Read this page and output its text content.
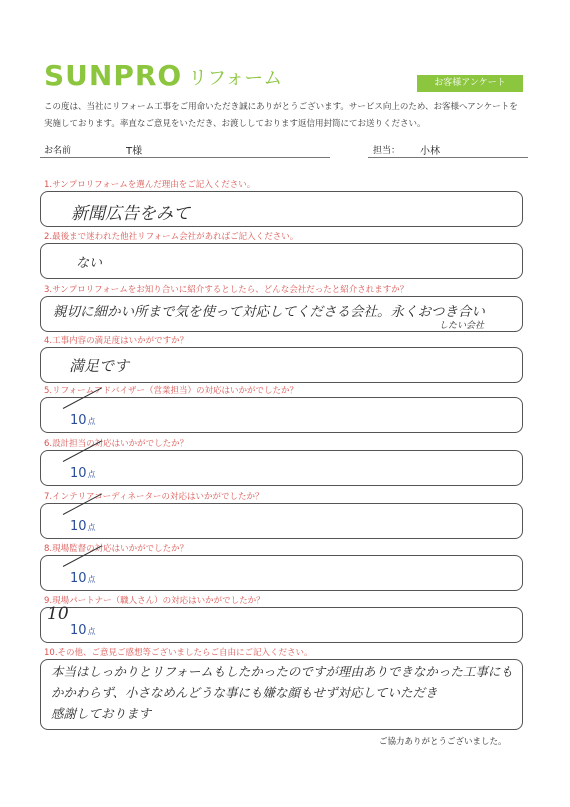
SUNPRO リフォーム	お客様アンケート
この度は、当社にリフォーム工事をご用命いただき誠にありがとうございます。サービス向上のため、お客様へアンケートを実施しております。率直なご意見をいただき、お渡ししております返信用封筒にてお送りください。
お名前	T様	担当： 小林
1.サンプロリフォームを選んだ理由をご記入ください。
新聞広告をみて
2.最後まで迷われた他社リフォーム会社があればご記入ください。
ない
3.サンプロリフォームをお知り合いに紹介するとしたら、どんな会社だったと紹介されますか？
親切に細かい所まで気を使って対応してくださる会社。永くおつき合い
したい会社
4.工事内容の満足度はいかがですか？
満足です
5.リフォームアドバイザー（営業担当）の対応はいかがでしたか？
10点
6.設計担当の対応はいかがでしたか？
10点
7.インテリアコーディネーターの対応はいかがでしたか？
10点
8.現場監督の対応はいかがでしたか？
10点
9.現場パートナー（職人さん）の対応はいかがでしたか？
10
10点
10.その他、ご意見ご感想等ございましたらご自由にご記入ください。
本当はしっかりとリフォームもしたかったのですが理由ありできなかった工事にも
かかわらず、小さなめんどうな事にも嫌な顔もせず対応していただき
感謝しております
ご協力ありがとうございました。
